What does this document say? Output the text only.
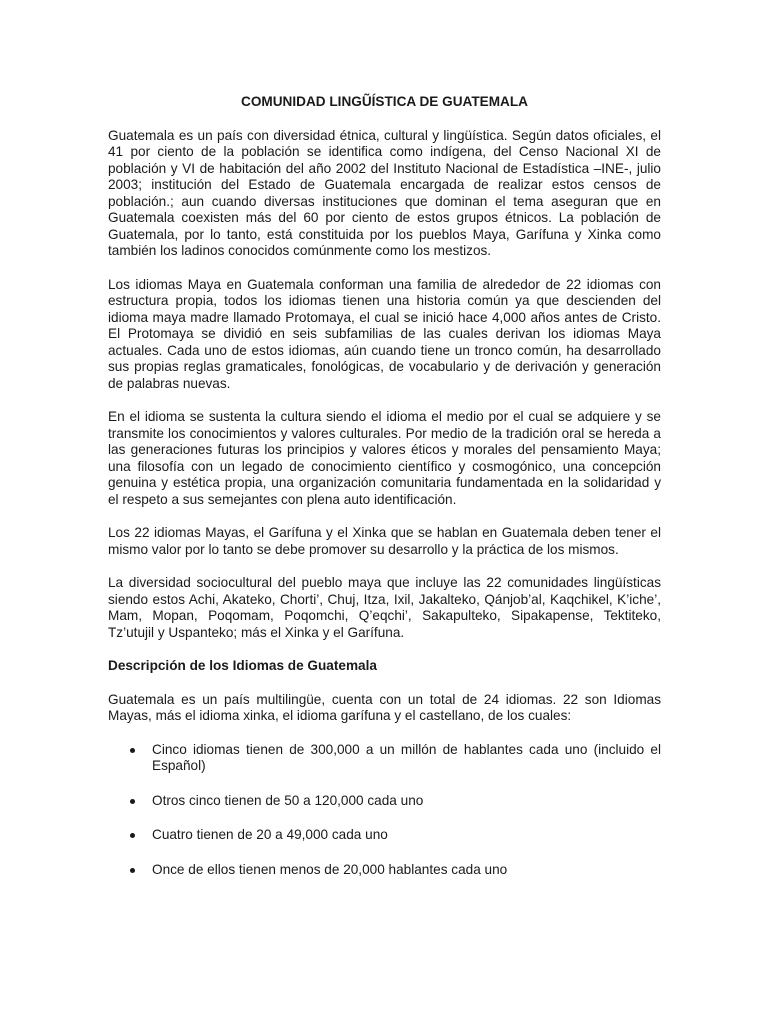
COMUNIDAD LINGŨÍSTICA DE GUATEMALA

Guatemala es un país con diversidad étnica, cultural y lingüística. Según datos oficiales, el 41 por ciento de la población se identifica como indígena, del Censo Nacional XI de población y VI de habitación del año 2002 del Instituto Nacional de Estadística –INE-, julio 2003; institución del Estado de Guatemala encargada de realizar estos censos de población.; aun cuando diversas instituciones que dominan el tema aseguran que en Guatemala coexisten más del 60 por ciento de estos grupos étnicos. La población de Guatemala, por lo tanto, está constituida por los pueblos Maya, Garífuna y Xinka como también los ladinos conocidos comúnmente como los mestizos.

Los idiomas Maya en Guatemala conforman una familia de alrededor de 22 idiomas con estructura propia, todos los idiomas tienen una historia común ya que descienden del idioma maya madre llamado Protomaya, el cual se inició hace 4,000 años antes de Cristo. El Protomaya se dividió en seis subfamilias de las cuales derivan los idiomas Maya actuales. Cada uno de estos idiomas, aún cuando tiene un tronco común, ha desarrollado sus propias reglas gramaticales, fonológicas, de vocabulario y de derivación y generación de palabras nuevas.

En el idioma se sustenta la cultura siendo el idioma el medio por el cual se adquiere y se transmite los conocimientos y valores culturales. Por medio de la tradición oral se hereda a las generaciones futuras los principios y valores éticos y morales del pensamiento Maya; una filosofía con un legado de conocimiento científico y cosmogónico, una concepción genuina y estética propia, una organización comunitaria fundamentada en la solidaridad y el respeto a sus semejantes con plena auto identificación.

Los 22 idiomas Mayas, el Garífuna y el Xinka que se hablan en Guatemala deben tener el mismo valor por lo tanto se debe promover su desarrollo y la práctica de los mismos.

La diversidad sociocultural del pueblo maya que incluye las 22 comunidades lingüísticas siendo estos Achi, Akateko, Chorti’, Chuj, Itza, Ixil, Jakalteko, Qánjob’al, Kaqchikel, K’iche’, Mam, Mopan, Poqomam, Poqomchi, Q’eqchi’, Sakapulteko, Sipakapense, Tektiteko, Tz’utujil y Uspanteko; más el Xinka y el Garífuna.

Descripción de los Idiomas de Guatemala

Guatemala es un país multilingüe, cuenta con un total de 24 idiomas. 22 son Idiomas Mayas, más el idioma xinka, el idioma garífuna y el castellano, de los cuales:

Cinco idiomas tienen de 300,000 a un millón de hablantes cada uno (incluido el Español)
Otros cinco tienen de 50 a 120,000 cada uno
Cuatro tienen de 20 a 49,000 cada uno
Once de ellos tienen menos de 20,000 hablantes cada uno
